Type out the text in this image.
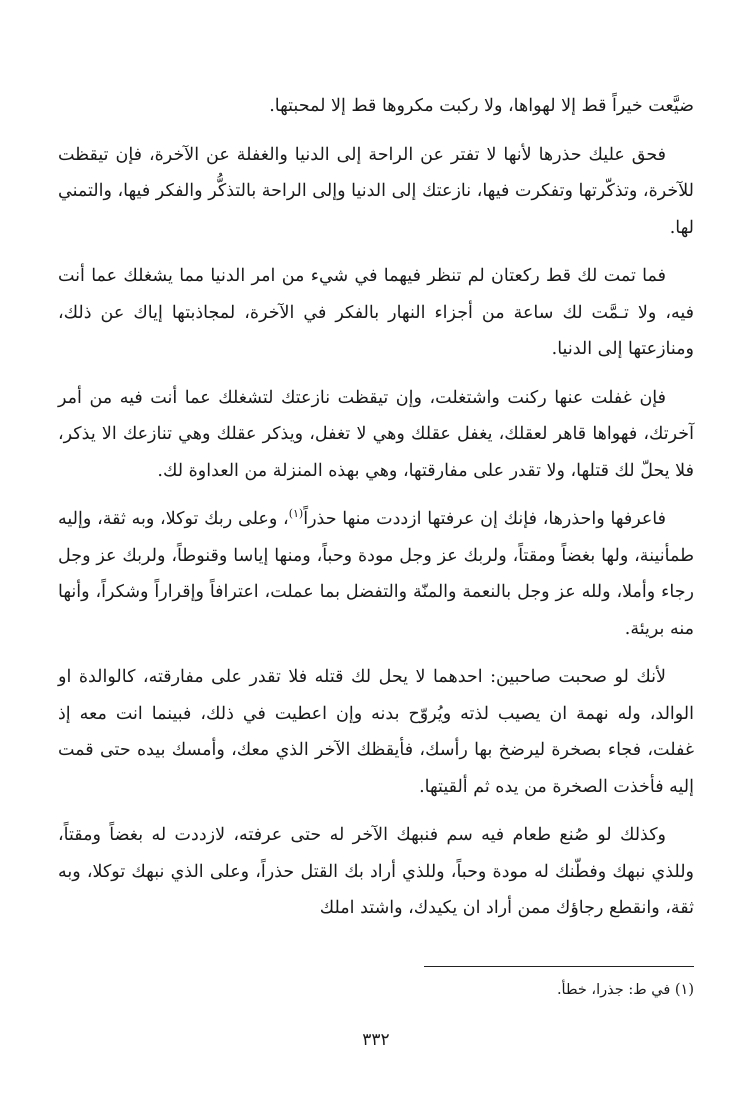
ضيَّعت خيراً قط إلا لهواها، ولا ركبت مكروها قط إلا لمحبتها.

فحق عليك حذرها لأنها لا تفتر عن الراحة إلى الدنيا والغفلة عن الآخرة، فإن تيقظت للآخرة، وتذكّرتها وتفكرت فيها، نازعتك إلى الدنيا وإلى الراحة بالتذكُّر والفكر فيها، والتمني لها.

فما تمت لك قط ركعتان لم تنظر فيهما في شيء من امر الدنيا مما يشغلك عما أنت فيه، ولا تـمَّت لك ساعة من أجزاء النهار بالفكر في الآخرة، لمجاذبتها إياك عن ذلك، ومنازعتها إلى الدنيا.

فإن غفلت عنها ركنت واشتغلت، وإن تيقظت نازعتك لتشغلك عما أنت فيه من أمر آخرتك، فهواها قاهر لعقلك، يغفل عقلك وهي لا تغفل، ويذكر عقلك وهي تنازعك الا يذكر، فلا يحلّ لك قتلها، ولا تقدر على مفارقتها، وهي بهذه المنزلة من العداوة لك.

فاعرفها واحذرها، فإنك إن عرفتها ازددت منها حذراً$^{(١)}$، وعلى ربك توكلا، وبه ثقة، وإليه طمأنينة، ولها بغضاً ومقتاً، ولربك عز وجل مودة وحباً، ومنها إياسا وقنوطاً، ولربك عز وجل رجاء وأملا، ولله عز وجل بالنعمة والمنّة والتفضل بما عملت، اعترافاً وإقراراً وشكراً، وأنها منه بريئة.

لأنك لو صحبت صاحبين: احدهما لا يحل لك قتله فلا تقدر على مفارقته، كالوالدة او الوالد، وله نهمة ان يصيب لذته ويُروّح بدنه وإن اعطيت في ذلك، فبينما انت معه إذ غفلت، فجاء بصخرة ليرضخ بها رأسك، فأيقظك الآخر الذي معك، وأمسك بيده حتى قمت إليه فأخذت الصخرة من يده ثم ألقيتها.

وكذلك لو صُنع طعام فيه سم فنبهك الآخر له حتى عرفته، لازددت له بغضاً ومقتاً، وللذي نبهك وفطّنك له مودة وحباً، وللذي أراد بك القتل حذراً، وعلى الذي نبهك توكلا، وبه ثقة، وانقطع رجاؤك ممن أراد ان يكيدك، واشتد املك

(١) في ط: جذرا، خطأ.
٣٣٢
